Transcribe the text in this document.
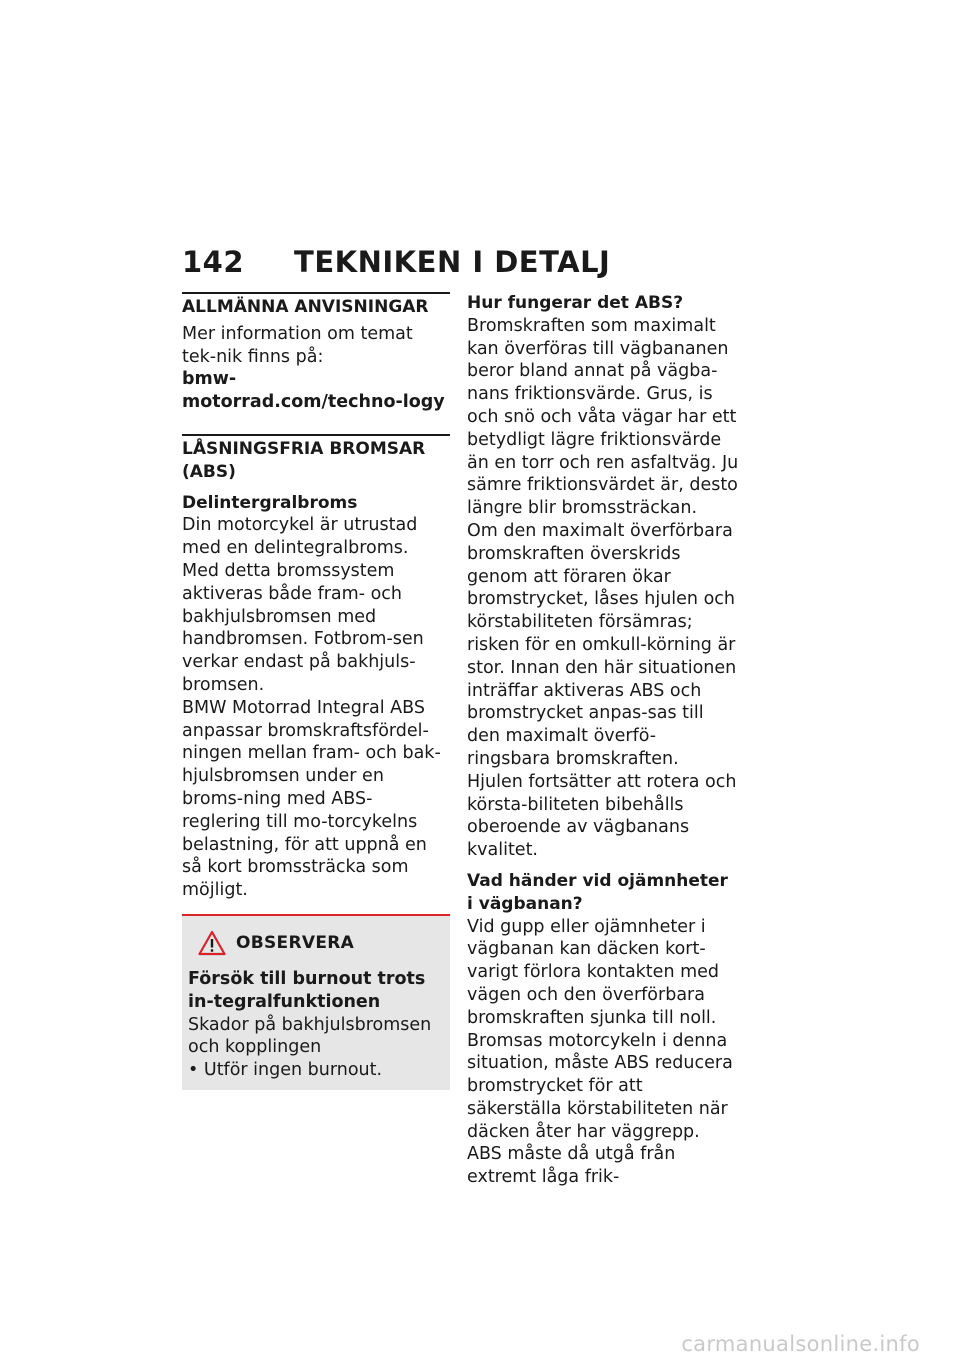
142 TEKNIKEN I DETALJ
ALLMÄNNA ANVISNINGAR

Mer information om temat tek-nik finns på:

bmw-motorrad.com/techno-logy

LÅSNINGSFRIA BROMSAR (ABS)
Delintergralbroms

Din motorcykel är utrustad med en delintegralbroms. Med detta bromssystem aktiveras både fram- och bakhjulsbromsen med handbromsen. Fotbrom-sen verkar endast på bakhjuls-bromsen.

BMW Motorrad Integral ABS anpassar bromskraftsfördel-ningen mellan fram- och bak-hjulsbromsen under en broms-ning med ABS-reglering till mo-torcykelns belastning, för att uppnå en så kort bromssträcka som möjligt.

OBSERVERA

Försök till burnout trots in-tegralfunktionen

Skador på bakhjulsbromsen och kopplingen

• Utför ingen burnout.

Hur fungerar det ABS?

Bromskraften som maximalt kan överföras till vägbananen beror bland annat på vägba-nans friktionsvärde. Grus, is och snö och våta vägar har ett betydligt lägre friktionsvärde än en torr och ren asfaltväg. Ju sämre friktionsvärdet är, desto längre blir bromssträckan.

Om den maximalt överförbara bromskraften överskrids genom att föraren ökar bromstrycket, låses hjulen och körstabiliteten försämras; risken för en omkull-körning är stor. Innan den här situationen inträffar aktiveras ABS och bromstrycket anpas-sas till den maximalt överfö-ringsbara bromskraften. Hjulen fortsätter att rotera och körsta-biliteten bibehålls oberoende av vägbanans kvalitet.

Vad händer vid ojämnheter i vägbanan?

Vid gupp eller ojämnheter i vägbanan kan däcken kort-varigt förlora kontakten med vägen och den överförbara bromskraften sjunka till noll. Bromsas motorcykeln i denna situation, måste ABS reducera bromstrycket för att säkerställa körstabiliteten när däcken åter har väggrepp. ABS måste då utgå från extremt låga frik-

carmanualsonline.info
